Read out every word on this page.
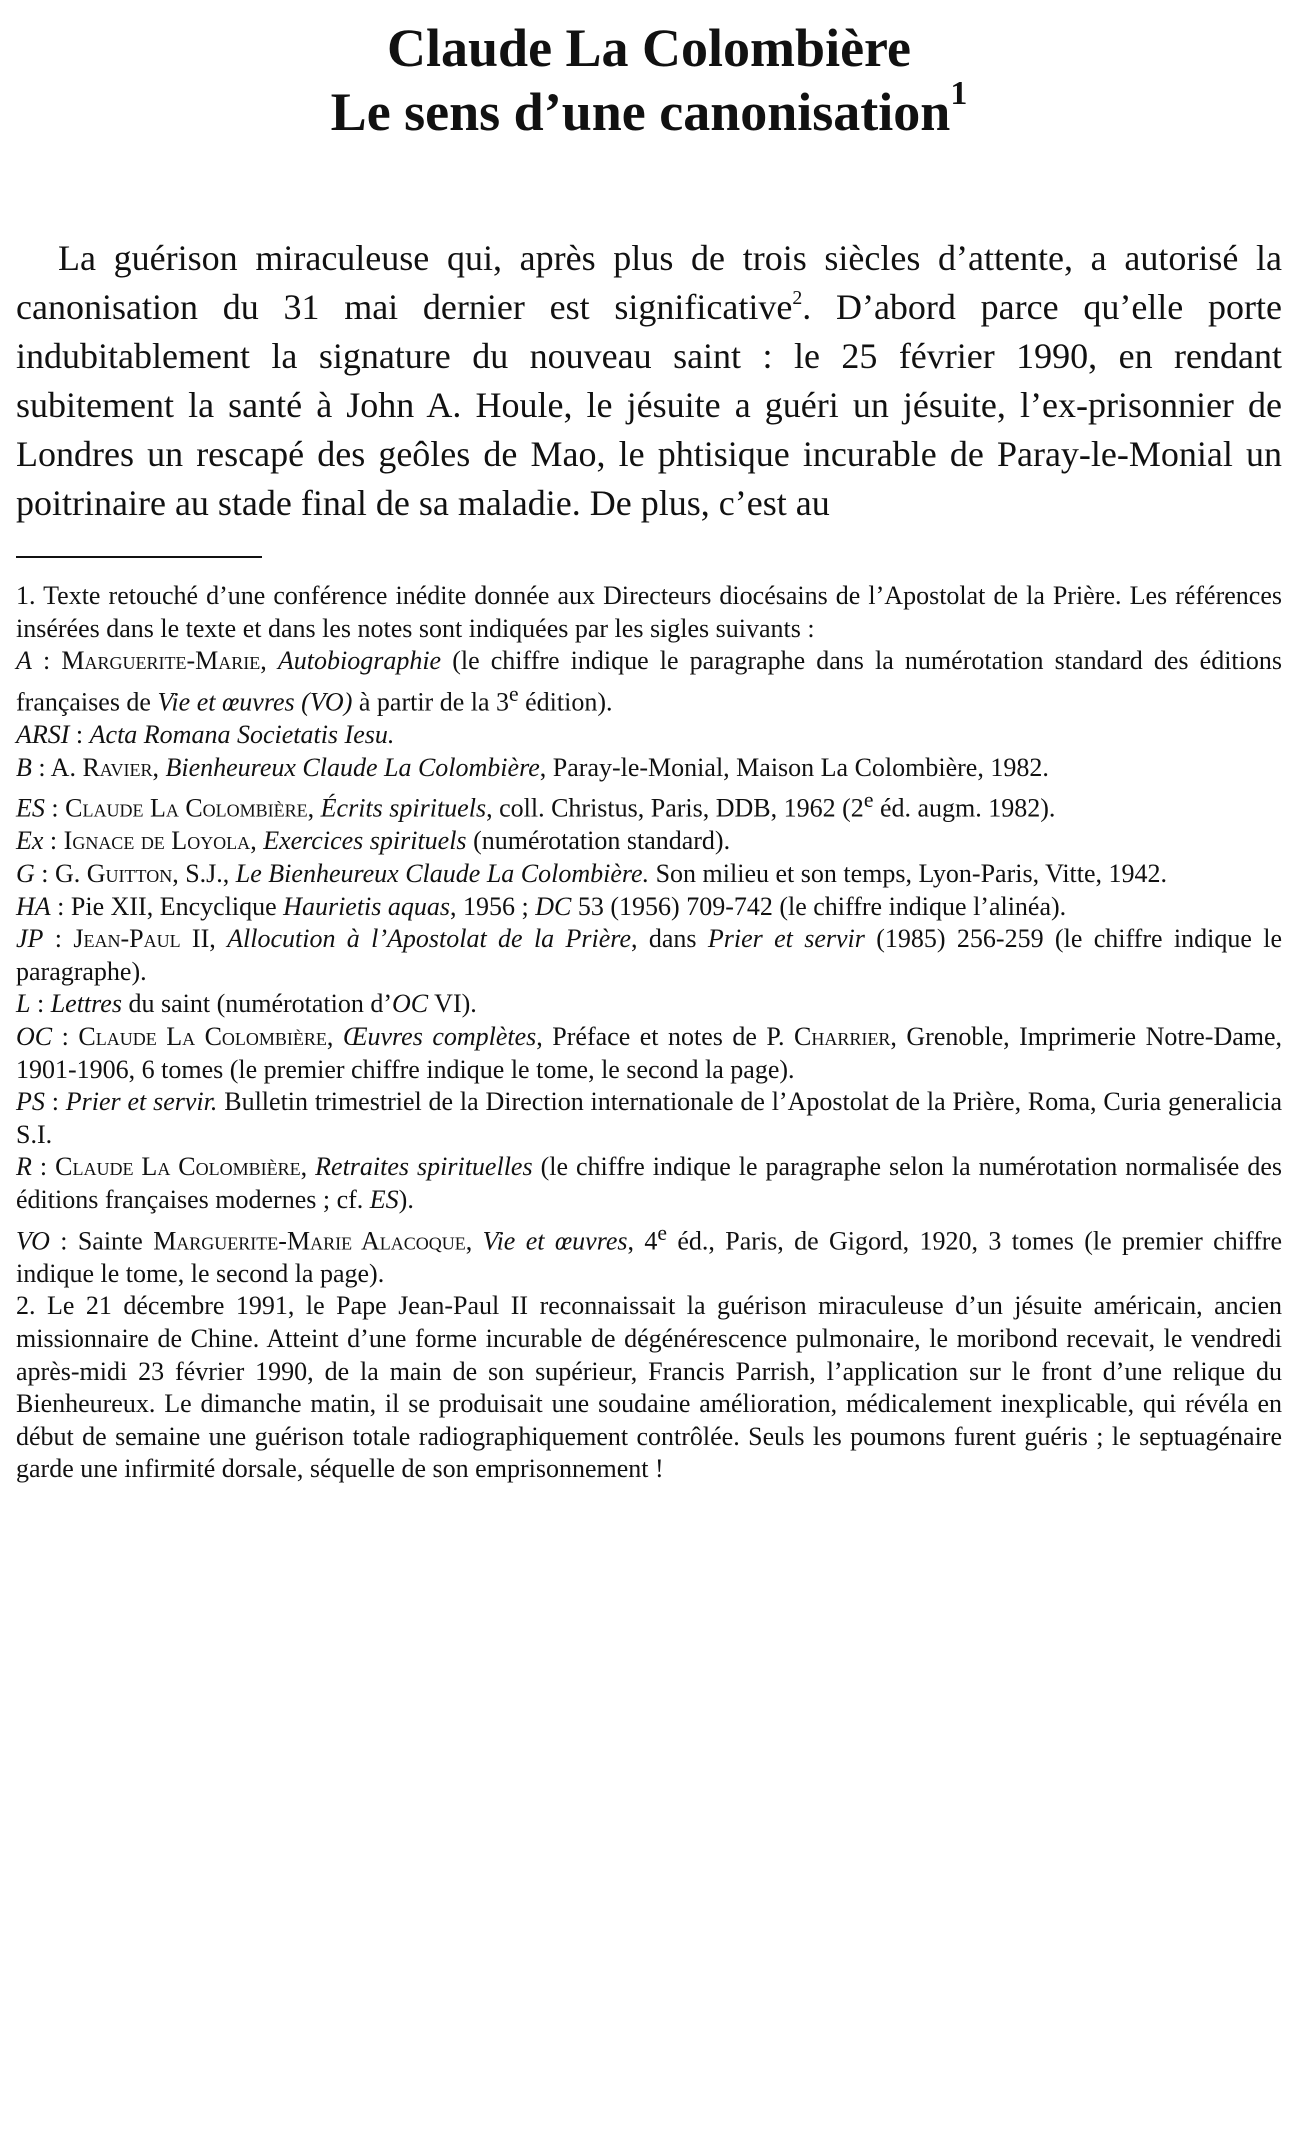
Claude La Colombière
Le sens d’une canonisation$^1$

La guérison miraculeuse qui, après plus de trois siècles d’attente, a autorisé la canonisation du 31 mai dernier est significative$^2$. D’abord parce qu’elle porte indubitablement la signature du nouveau saint : le 25 février 1990, en rendant subitement la santé à John A. Houle, le jésuite a guéri un jésuite, l’ex-prisonnier de Londres un rescapé des geôles de Mao, le phtisique incurable de Paray-le-Monial un poitrinaire au stade final de sa maladie. De plus, c’est au

1. Texte retouché d’une conférence inédite donnée aux Directeurs diocésains de l’Apostolat de la Prière. Les références insérées dans le texte et dans les notes sont indiquées par les sigles suivants :

A : Marguerite-Marie, Autobiographie (le chiffre indique le paragraphe dans la numérotation standard des éditions françaises de Vie et œuvres (VO) à partir de la 3e édition).

ARSI : Acta Romana Societatis Iesu.

B : A. Ravier, Bienheureux Claude La Colombière, Paray-le-Monial, Maison La Colombière, 1982.

ES : Claude La Colombière, Écrits spirituels, coll. Christus, Paris, DDB, 1962 (2e éd. augm. 1982).

Ex : Ignace de Loyola, Exercices spirituels (numérotation standard).

G : G. Guitton, S.J., Le Bienheureux Claude La Colombière. Son milieu et son temps, Lyon-Paris, Vitte, 1942.

HA : Pie XII, Encyclique Haurietis aquas, 1956 ; DC 53 (1956) 709-742 (le chiffre indique l’alinéa).

JP : Jean-Paul II, Allocution à l’Apostolat de la Prière, dans Prier et servir (1985) 256-259 (le chiffre indique le paragraphe).

L : Lettres du saint (numérotation d’OC VI).

OC : Claude La Colombière, Œuvres complètes, Préface et notes de P. Charrier, Grenoble, Imprimerie Notre-Dame, 1901-1906, 6 tomes (le premier chiffre indique le tome, le second la page).

PS : Prier et servir. Bulletin trimestriel de la Direction internationale de l’Apostolat de la Prière, Roma, Curia generalicia S.I.

R : Claude La Colombière, Retraites spirituelles (le chiffre indique le paragraphe selon la numérotation normalisée des éditions françaises modernes ; cf. ES).

VO : Sainte Marguerite-Marie Alacoque, Vie et œuvres, 4e éd., Paris, de Gigord, 1920, 3 tomes (le premier chiffre indique le tome, le second la page).

2. Le 21 décembre 1991, le Pape Jean-Paul II reconnaissait la guérison miraculeuse d’un jésuite américain, ancien missionnaire de Chine. Atteint d’une forme incurable de dégénérescence pulmonaire, le moribond recevait, le vendredi après-midi 23 février 1990, de la main de son supérieur, Francis Parrish, l’application sur le front d’une relique du Bienheureux. Le dimanche matin, il se produisait une soudaine amélioration, médicalement inexplicable, qui révéla en début de semaine une guérison totale radiographiquement contrôlée. Seuls les poumons furent guéris ; le septuagénaire garde une infirmité dorsale, séquelle de son emprisonnement !
